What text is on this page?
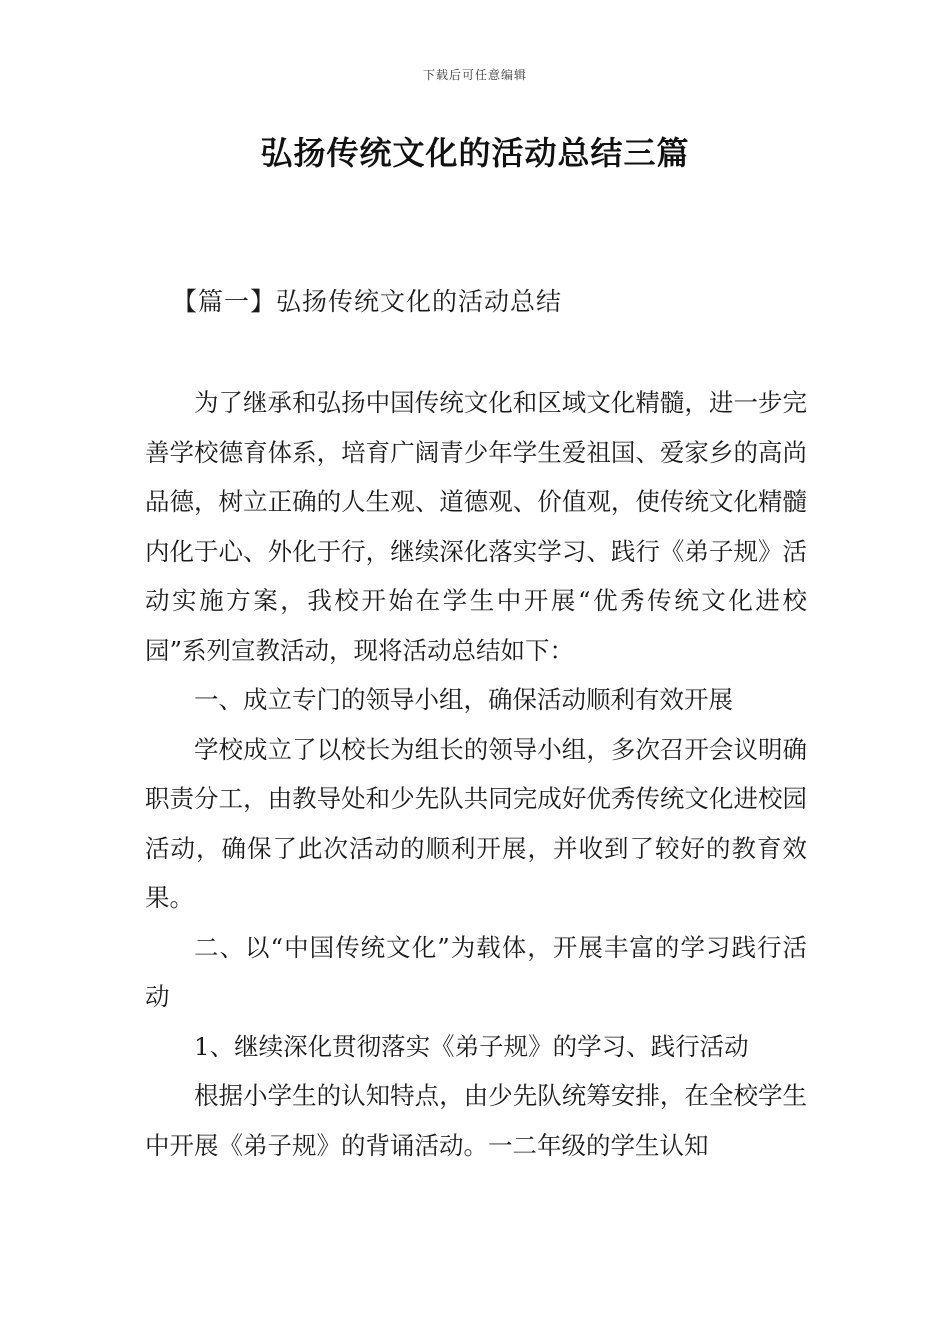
下载后可任意编辑
弘扬传统文化的活动总结三篇
【篇一】弘扬传统文化的活动总结

为了继承和弘扬中国传统文化和区域文化精髓，进一步完善学校德育体系，培育广阔青少年学生爱祖国、爱家乡的高尚品德，树立正确的人生观、道德观、价值观，使传统文化精髓内化于心、外化于行，继续深化落实学习、践行《弟子规》活动实施方案，我校开始在学生中开展“优秀传统文化进校园”系列宣教活动，现将活动总结如下：

一、成立专门的领导小组，确保活动顺利有效开展

学校成立了以校长为组长的领导小组，多次召开会议明确职责分工，由教导处和少先队共同完成好优秀传统文化进校园活动，确保了此次活动的顺利开展，并收到了较好的教育效果。

二、以“中国传统文化”为载体，开展丰富的学习践行活动

1、继续深化贯彻落实《弟子规》的学习、践行活动

根据小学生的认知特点，由少先队统筹安排，在全校学生中开展《弟子规》的背诵活动。一二年级的学生认知
